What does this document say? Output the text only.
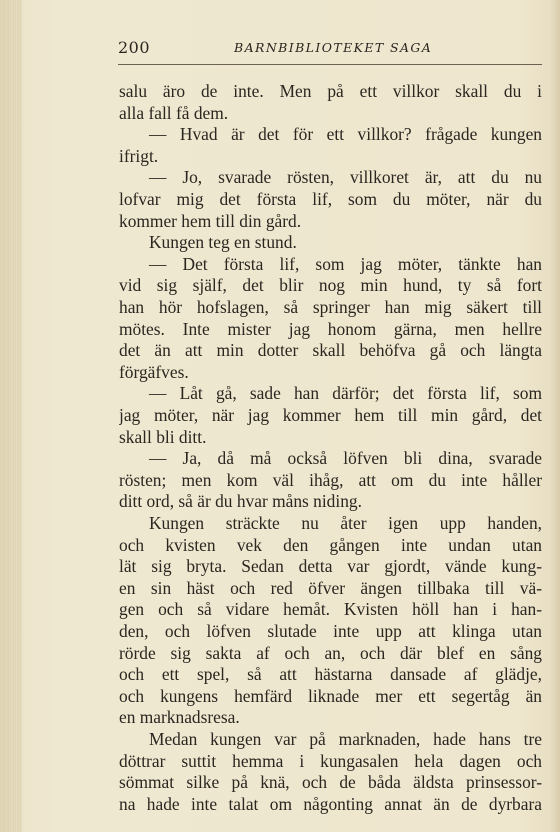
200	BARNBIBLIOTEKET SAGA
salu äro de inte. Men på ett villkor skall du i
alla fall få dem.
— Hvad är det för ett villkor? frågade kungen
ifrigt.
— Jo, svarade rösten, villkoret är, att du nu
lofvar mig det första lif, som du möter, när du
kommer hem till din gård.
Kungen teg en stund.
— Det första lif, som jag möter, tänkte han
vid sig själf, det blir nog min hund, ty så fort
han hör hofslagen, så springer han mig säkert till
mötes. Inte mister jag honom gärna, men hellre
det än att min dotter skall behöfva gå och längta
förgäfves.
— Låt gå, sade han därför; det första lif, som
jag möter, när jag kommer hem till min gård, det
skall bli ditt.
— Ja, då må också löfven bli dina, svarade
rösten; men kom väl ihåg, att om du inte håller
ditt ord, så är du hvar måns niding.
Kungen sträckte nu åter igen upp handen,
och kvisten vek den gången inte undan utan
lät sig bryta. Sedan detta var gjordt, vände kung-
en sin häst och red öfver ängen tillbaka till vä-
gen och så vidare hemåt. Kvisten höll han i han-
den, och löfven slutade inte upp att klinga utan
rörde sig sakta af och an, och där blef en sång
och ett spel, så att hästarna dansade af glädje,
och kungens hemfärd liknade mer ett segertåg än
en marknadsresa.
Medan kungen var på marknaden, hade hans tre
döttrar suttit hemma i kungasalen hela dagen och
sömmat silke på knä, och de båda äldsta prinsessor-
na hade inte talat om någonting annat än de dyrbara
